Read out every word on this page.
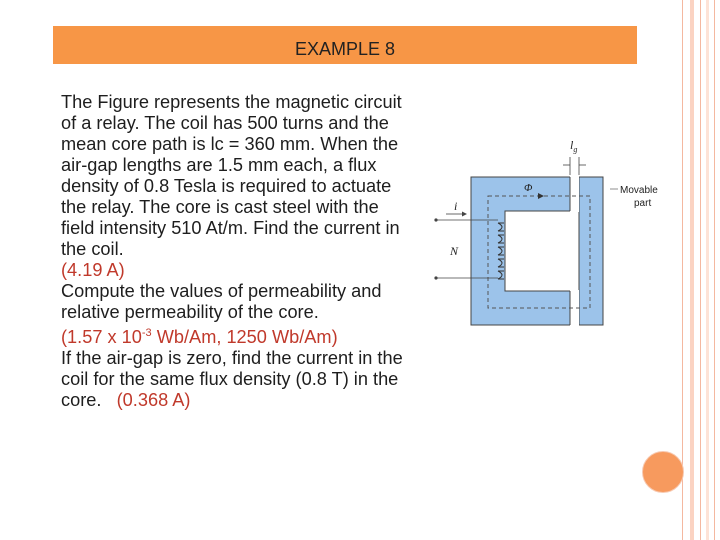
EXAMPLE 8

The Figure represents the magnetic circuit of a relay. The coil has 500 turns and the mean core path is lc = 360 mm. When the air-gap lengths are 1.5 mm each, a flux density of 0.8 Tesla is required to actuate the relay. The core is cast steel with the field intensity 510 At/m. Find the current in the coil.

(4.19 A)

Compute the values of permeability and relative permeability of the core.

(1.57 x $10^{-3}$ Wb/Am, 1250 Wb/Am)

If the air-gap is zero, find the current in the coil for the same flux density (0.8 T) in the core. (0.368 A)

Φ
$l_g$
i
N
Movable
part
